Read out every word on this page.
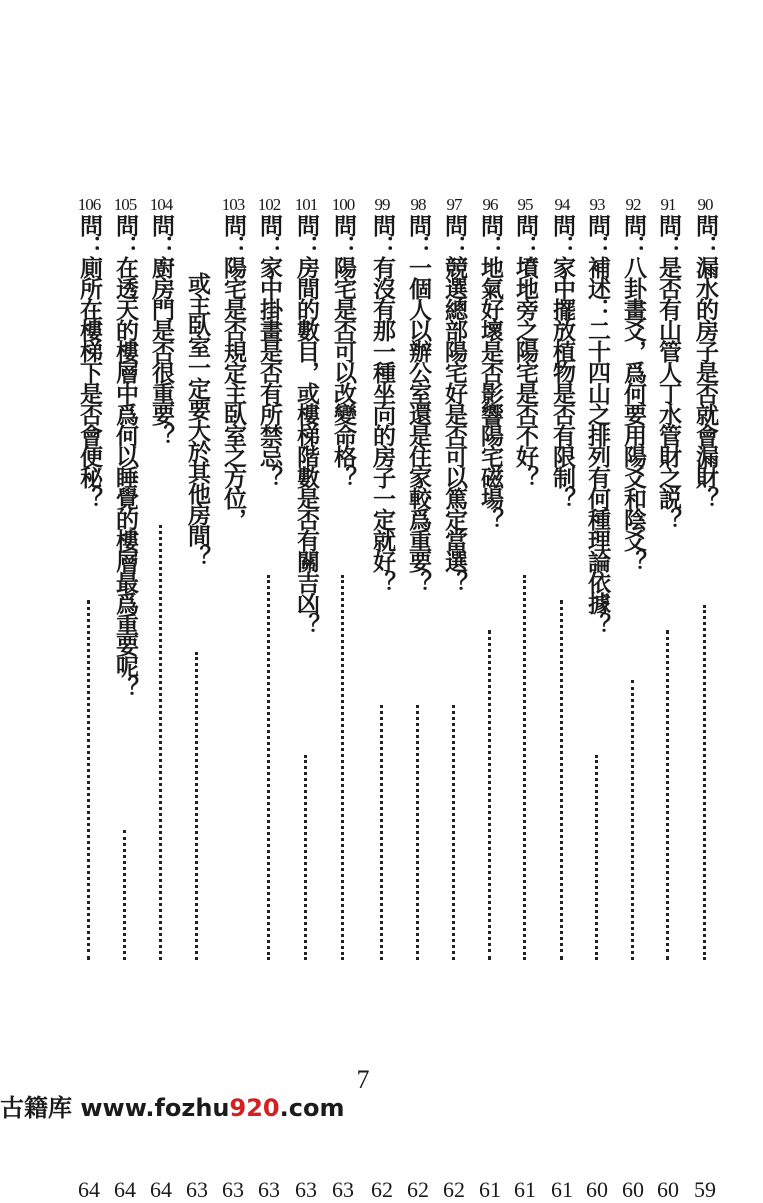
90
問：漏水的房子是否就會漏財？
59
91
問：是否有山管人丁水管財之説？
60
92
問：八卦畫爻，爲何要用陽爻和陰爻？
60
93
問：補述：二十四山之排列有何種理論依據？
60
94
問：家中擺放植物是否有限制？
61
95
問：墳地旁之陽宅是否不好？
61
96
問：地氣好壞是否影響陽宅磁場？
61
97
問：競選總部陽宅好是否可以篤定當選？
62
98
問：一個人以辦公室還是住家較爲重要？
62
99
問：有沒有那一種坐向的房子一定就好？
62
100
問：陽宅是否可以改變命格？
63
101
問：房間的數目，或樓梯階數是否有關吉凶？
63
102
問：家中掛畫是否有所禁忌？
63
103
問：陽宅是否規定主臥室之方位，
63
104
問：廚房門是否很重要？
64
105
問：在透天的樓層中爲何以睡覺的樓層最爲重要呢？
64
106
問：廁所在樓梯下是否會便秘？
64
或主臥室一定要大於其他房間？
63
7
古籍库 www.fozhu920.com
